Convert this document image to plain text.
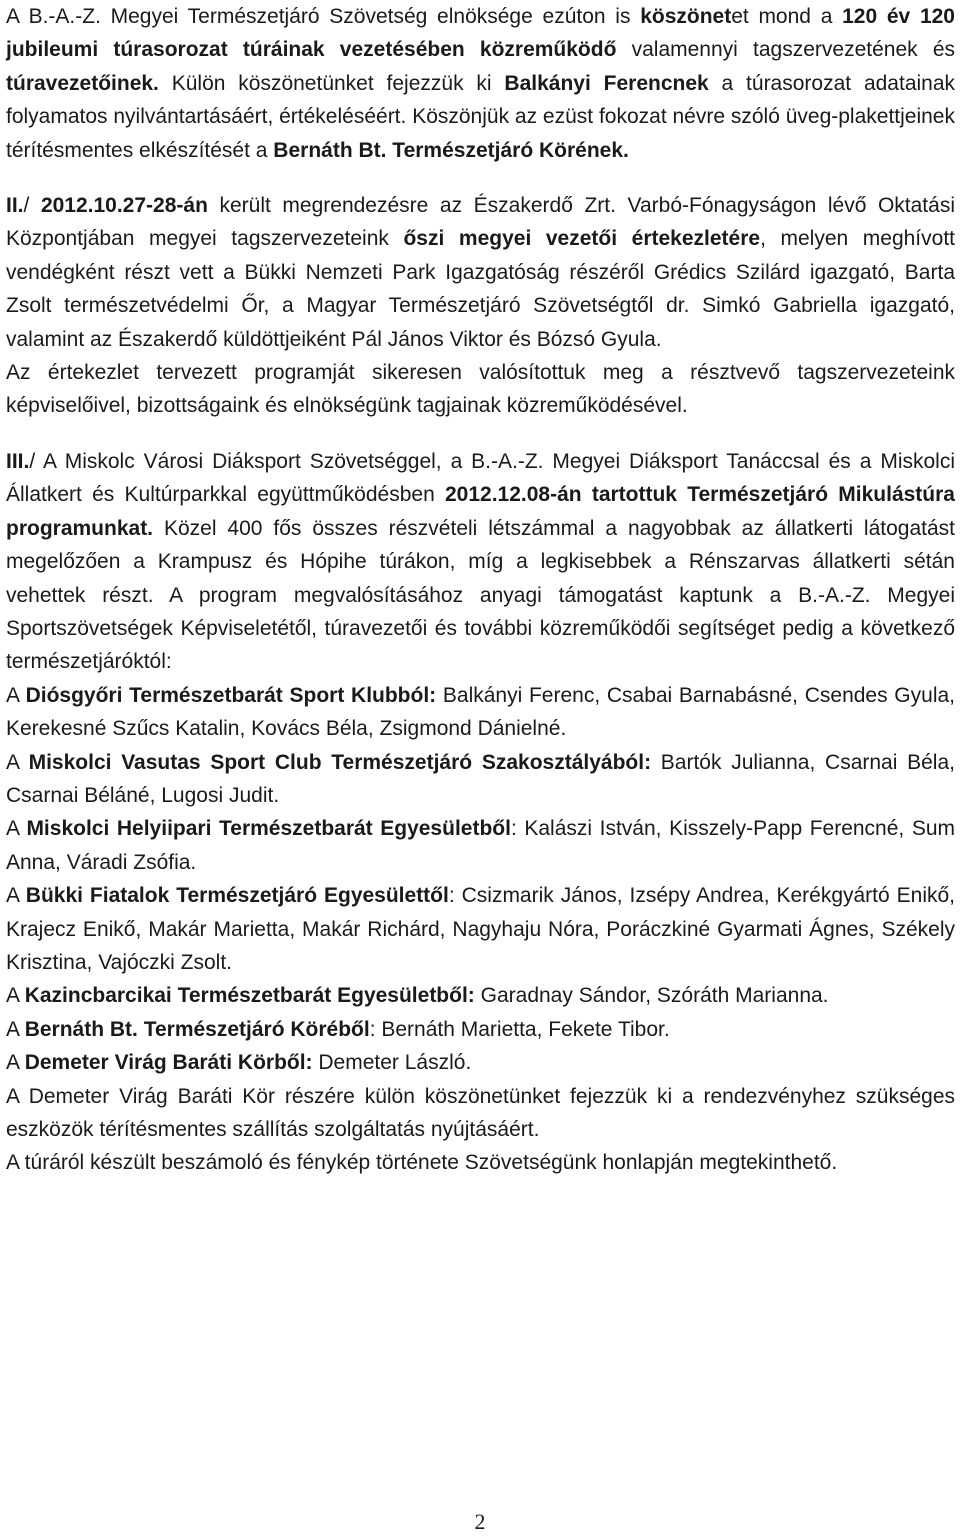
A B.-A.-Z. Megyei Természetjáró Szövetség elnöksége ezúton is köszönetet mond a 120 év 120 jubileumi túrasorozat túráinak vezetésében közreműködő valamennyi tagszervezetének és túravezetőinek. Külön köszönetünket fejezzük ki Balkányi Ferencnek a túrasorozat adatainak folyamatos nyilvántartásáért, értékeléséért. Köszönjük az ezüst fokozat névre szóló üveg-plakettjeinek térítésmentes elkészítését a Bernáth Bt. Természetjáró Körének.

II./ 2012.10.27-28-án került megrendezésre az Északerdő Zrt. Varbó-Fónagyságon lévő Oktatási Központjában megyei tagszervezeteink őszi megyei vezetői értekezletére, melyen meghívott vendégként részt vett a Bükki Nemzeti Park Igazgatóság részéről Grédics Szilárd igazgató, Barta Zsolt természetvédelmi Őr, a Magyar Természetjáró Szövetségtől dr. Simkó Gabriella igazgató, valamint az Északerdő küldöttjeiként Pál János Viktor és Bózsó Gyula.

Az értekezlet tervezett programját sikeresen valósítottuk meg a résztvevő tagszervezeteink képviselőivel, bizottságaink és elnökségünk tagjainak közreműködésével.

III./ A Miskolc Városi Diáksport Szövetséggel, a B.-A.-Z. Megyei Diáksport Tanáccsal és a Miskolci Állatkert és Kultúrparkkal együttműködésben 2012.12.08-án tartottuk Természetjáró Mikulástúra programunkat. Közel 400 fős összes részvételi létszámmal a nagyobbak az állatkerti látogatást megelőzően a Krampusz és Hópihe túrákon, míg a legkisebbek a Rénszarvas állatkerti sétán vehettek részt. A program megvalósításához anyagi támogatást kaptunk a B.-A.-Z. Megyei Sportszövetségek Képviseletétől, túravezetői és további közreműködői segítséget pedig a következő természetjáróktól:

A Diósgyőri Természetbarát Sport Klubból: Balkányi Ferenc, Csabai Barnabásné, Csendes Gyula, Kerekesné Szűcs Katalin, Kovács Béla, Zsigmond Dánielné.

A Miskolci Vasutas Sport Club Természetjáró Szakosztályából: Bartók Julianna, Csarnai Béla, Csarnai Béláné, Lugosi Judit.

A Miskolci Helyiipari Természetbarát Egyesületből: Kalászi István, Kisszely-Papp Ferencné, Sum Anna, Váradi Zsófia.

A Bükki Fiatalok Természetjáró Egyesülettől: Csizmarik János, Izsépy Andrea, Kerékgyártó Enikő, Krajecz Enikő, Makár Marietta, Makár Richárd, Nagyhaju Nóra, Poráczkiné Gyarmati Ágnes, Székely Krisztina, Vajóczki Zsolt.

A Kazincbarcikai Természetbarát Egyesületből: Garadnay Sándor, Szóráth Marianna.

A Bernáth Bt. Természetjáró Köréből: Bernáth Marietta, Fekete Tibor.

A Demeter Virág Baráti Körből: Demeter László.

A Demeter Virág Baráti Kör részére külön köszönetünket fejezzük ki a rendezvényhez szükséges eszközök térítésmentes szállítás szolgáltatás nyújtásáért.

A túráról készült beszámoló és fénykép története Szövetségünk honlapján megtekinthető.

2
